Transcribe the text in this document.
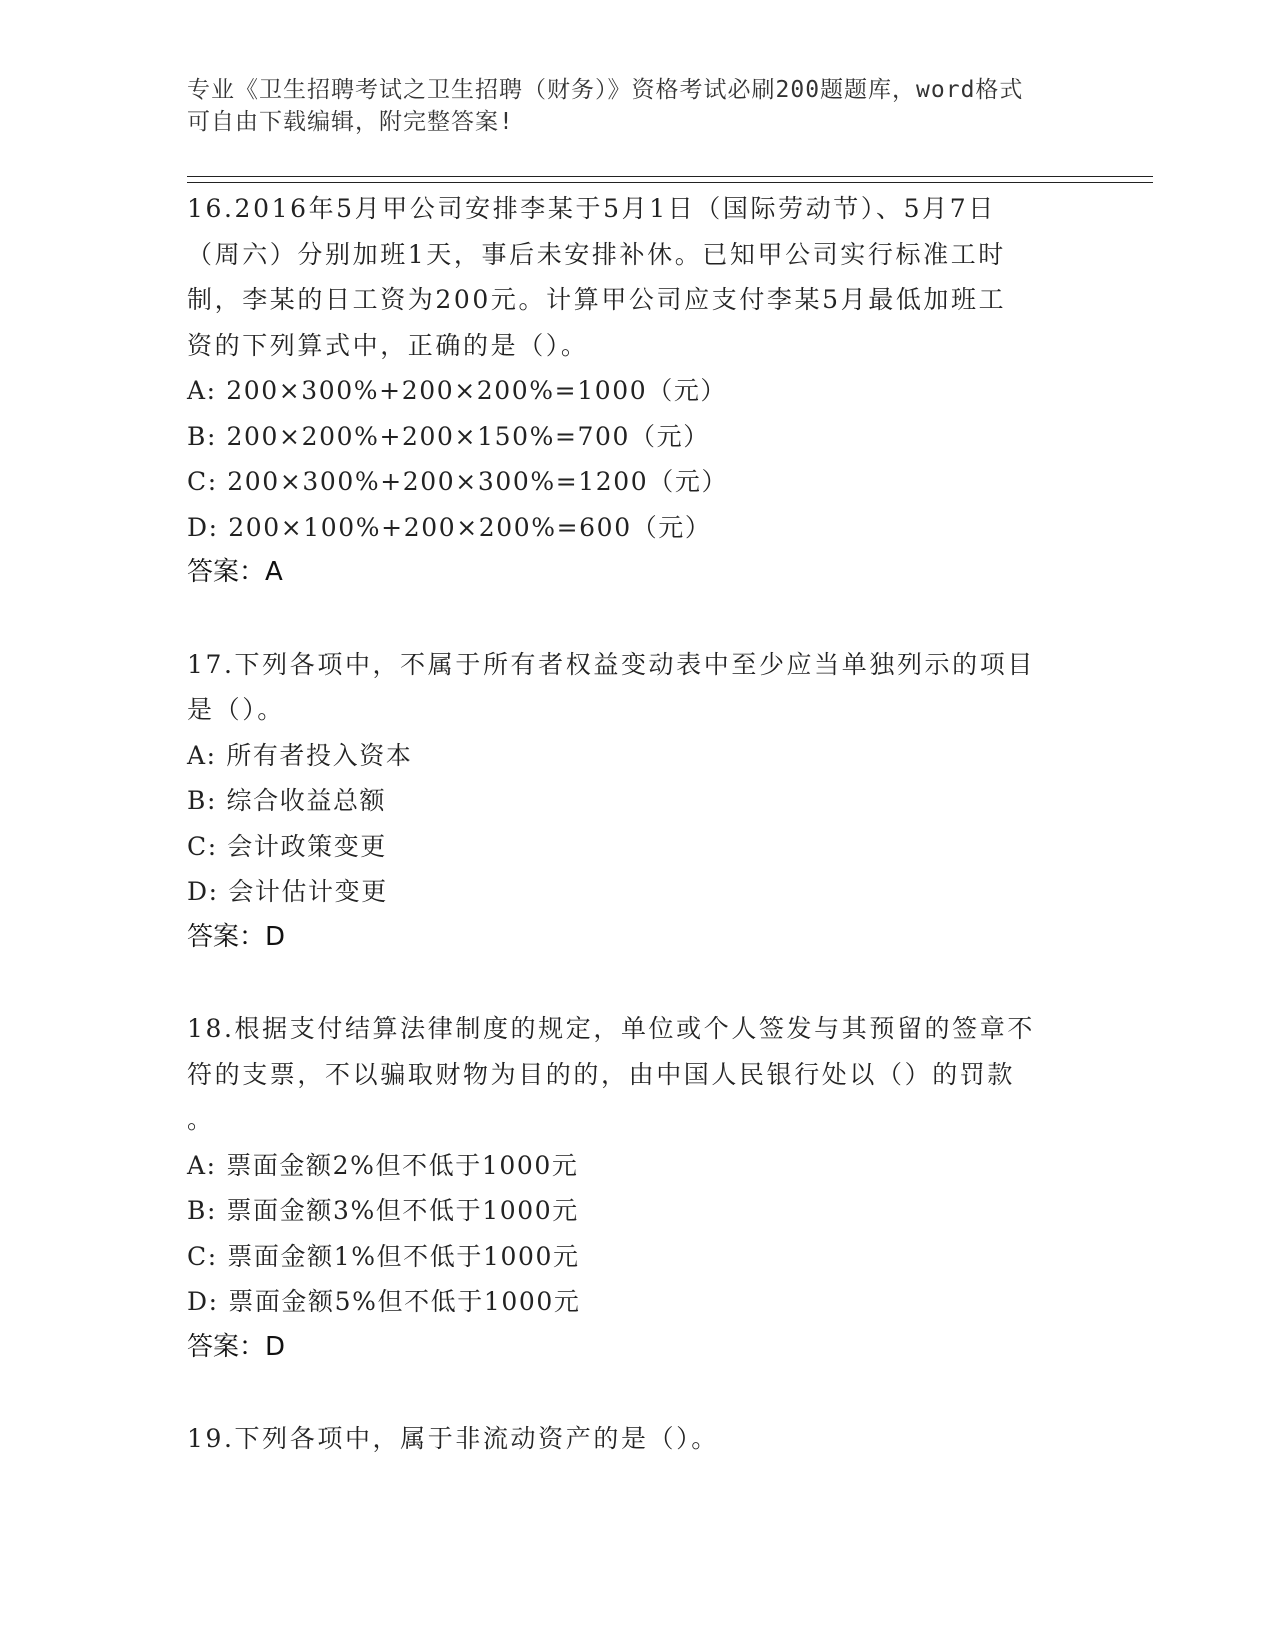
专业《卫生招聘考试之卫生招聘（财务）》资格考试必刷200题题库，word格式
可自由下载编辑，附完整答案!
16.2016年5月甲公司安排李某于5月1日（国际劳动节）、5月7日
（周六）分别加班1天，事后未安排补休。已知甲公司实行标准工时
制，李某的日工资为200元。计算甲公司应支付李某5月最低加班工
资的下列算式中，正确的是（）。
A: 200×300%+200×200%=1000（元）
B: 200×200%+200×150%=700（元）
C: 200×300%+200×300%=1200（元）
D: 200×100%+200×200%=600（元）
答案：A
17.下列各项中，不属于所有者权益变动表中至少应当单独列示的项目
是（）。
A: 所有者投入资本
B: 综合收益总额
C: 会计政策变更
D: 会计估计变更
答案：D
18.根据支付结算法律制度的规定，单位或个人签发与其预留的签章不
符的支票，不以骗取财物为目的的，由中国人民银行处以（）的罚款
。
A: 票面金额2%但不低于1000元
B: 票面金额3%但不低于1000元
C: 票面金额1%但不低于1000元
D: 票面金额5%但不低于1000元
答案：D
19.下列各项中，属于非流动资产的是（）。
